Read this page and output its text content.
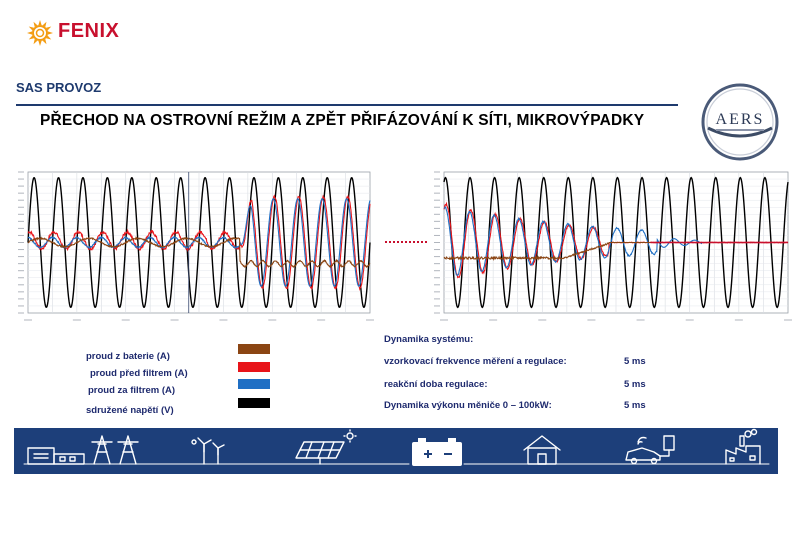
FENIX
SAS PROVOZ
PŘECHOD NA OSTROVNÍ REŽIM A ZPĚT PŘIFÁZOVÁNÍ K SÍTI, MIKROVÝPADKY	AERS
proud z baterie (A)
proud před filtrem (A)
proud za filtrem (A)
sdružené napětí (V)
Dynamika systému:
vzorkovací frekvence měření a regulace:	5 ms
reakční doba regulace:	5 ms
Dynamika výkonu měniče 0 – 100kW:	5 ms
